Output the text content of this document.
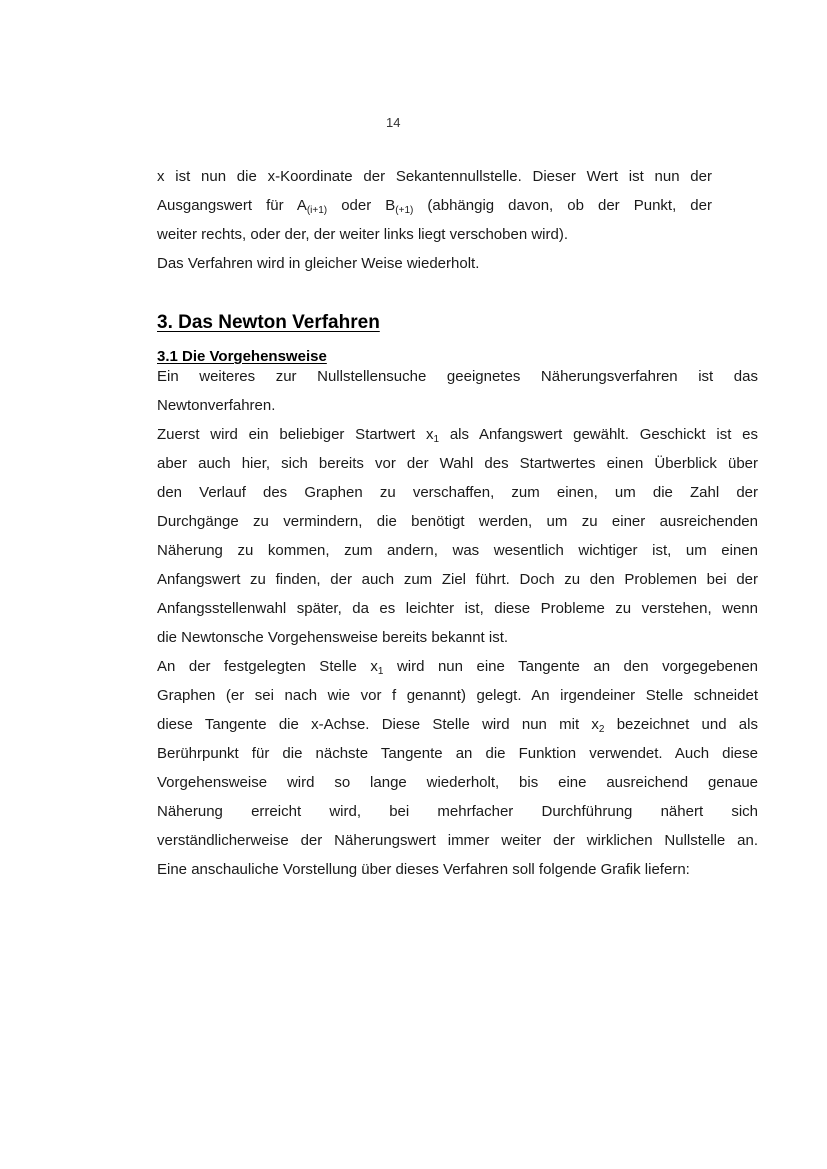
14
x ist nun die x-Koordinate der Sekantennullstelle. Dieser Wert ist nun der
Ausgangswert für $A_{(i+1)}$ oder $B_{(+1)}$ (abhängig davon, ob der Punkt, der
weiter rechts, oder der, der weiter links liegt verschoben wird).
Das Verfahren wird in gleicher Weise wiederholt.
3. Das Newton Verfahren
3.1 Die Vorgehensweise
Ein weiteres zur Nullstellensuche geeignetes Näherungsverfahren ist das
Newtonverfahren.
Zuerst wird ein beliebiger Startwert $x_1$ als Anfangswert gewählt. Geschickt ist es
aber auch hier, sich bereits vor der Wahl des Startwertes einen Überblick über
den Verlauf des Graphen zu verschaffen, zum einen, um die Zahl der
Durchgänge zu vermindern, die benötigt werden, um zu einer ausreichenden
Näherung zu kommen, zum andern, was wesentlich wichtiger ist, um einen
Anfangswert zu finden, der auch zum Ziel führt. Doch zu den Problemen bei der
Anfangsstellenwahl später, da es leichter ist, diese Probleme zu verstehen, wenn
die Newtonsche Vorgehensweise bereits bekannt ist.
An der festgelegten Stelle $x_1$ wird nun eine Tangente an den vorgegebenen
Graphen (er sei nach wie vor f genannt) gelegt. An irgendeiner Stelle schneidet
diese Tangente die x-Achse. Diese Stelle wird nun mit $x_2$ bezeichnet und als
Berührpunkt für die nächste Tangente an die Funktion verwendet. Auch diese
Vorgehensweise wird so lange wiederholt, bis eine ausreichend genaue
Näherung erreicht wird, bei mehrfacher Durchführung nähert sich
verständlicherweise der Näherungswert immer weiter der wirklichen Nullstelle an.
Eine anschauliche Vorstellung über dieses Verfahren soll folgende Grafik liefern:
